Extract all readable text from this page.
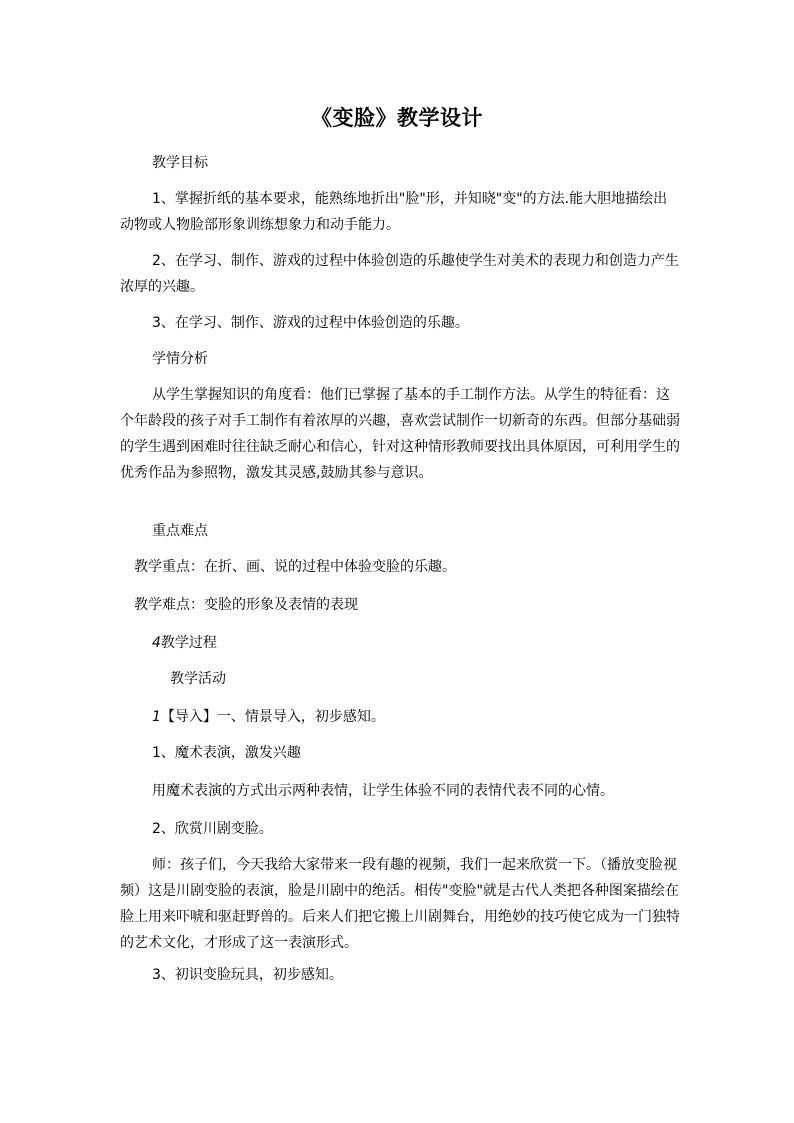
《变脸》教学设计

教学目标

1、掌握折纸的基本要求，能熟练地折出"脸"形，并知晓"变"的方法.能大胆地描绘出动物或人物脸部形象训练想象力和动手能力。

2、在学习、制作、游戏的过程中体验创造的乐趣使学生对美术的表现力和创造力产生浓厚的兴趣。

3、在学习、制作、游戏的过程中体验创造的乐趣。

学情分析

从学生掌握知识的角度看：他们已掌握了基本的手工制作方法。从学生的特征看：这个年龄段的孩子对手工制作有着浓厚的兴趣，喜欢尝试制作一切新奇的东西。但部分基础弱的学生遇到困难时往往缺乏耐心和信心，针对这种情形教师要找出具体原因，可利用学生的优秀作品为参照物，激发其灵感,鼓励其参与意识。

重点难点

教学重点：在折、画、说的过程中体验变脸的乐趣。

教学难点：变脸的形象及表情的表现

4教学过程

教学活动

1【导入】一、情景导入，初步感知。

1、魔术表演，激发兴趣

用魔术表演的方式出示两种表情，让学生体验不同的表情代表不同的心情。

2、欣赏川剧变脸。

师：孩子们，今天我给大家带来一段有趣的视频，我们一起来欣赏一下。（播放变脸视频）这是川剧变脸的表演，脸是川剧中的绝活。相传"变脸"就是古代人类把各种图案描绘在脸上用来吓唬和驱赶野兽的。后来人们把它搬上川剧舞台，用绝妙的技巧使它成为一门独特的艺术文化，才形成了这一表演形式。

3、初识变脸玩具，初步感知。
